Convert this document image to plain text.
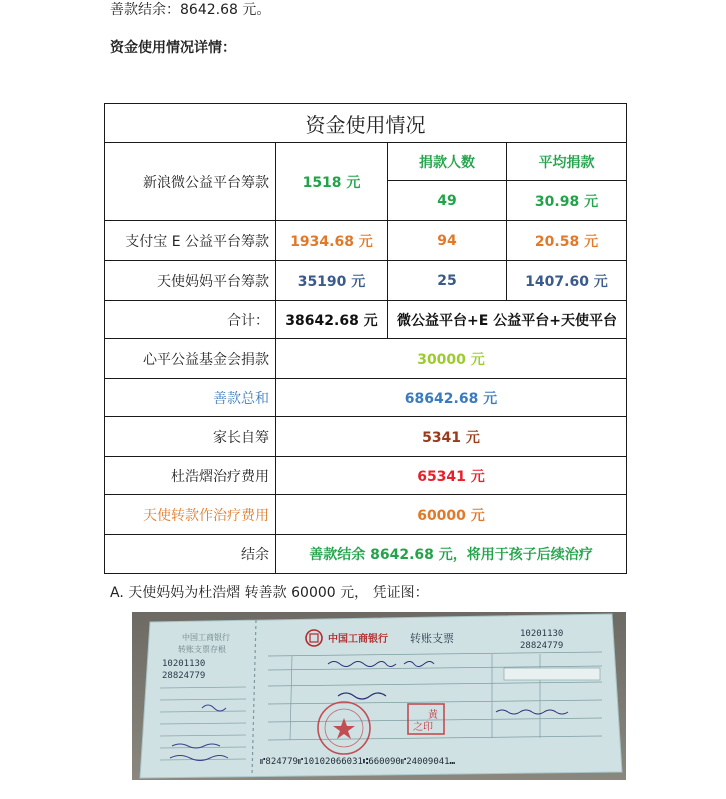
善款结余：8642.68 元。
资金使用情况详情：
资金使用情况			
新浪微公益平台筹款	1518 元	捐款人数	平均捐款
		49	30.98 元
支付宝 E 公益平台筹款	1934.68 元	94	20.58 元
天使妈妈平台筹款	35190 元	25	1407.60 元
合计：	38642.68 元	微公益平台+E 公益平台+天使平台	
心平公益基金会捐款	30000 元		
善款总和	68642.68 元		
家长自筹	5341 元		
杜浩熠治疗费用	65341 元		
天使转款作治疗费用	60000 元		
结余	善款结余 8642.68 元，将用于孩子后续治疗		
A. 天使妈妈为杜浩熠 转善款 60000 元， 凭证图：
中国工商银行
转账支票存根
10201130
28824779
中国工商银行 转账支票	10201130
28824779
之印
黄
⑈824779⑈10102066031⑆660090⑈24009041⑉
